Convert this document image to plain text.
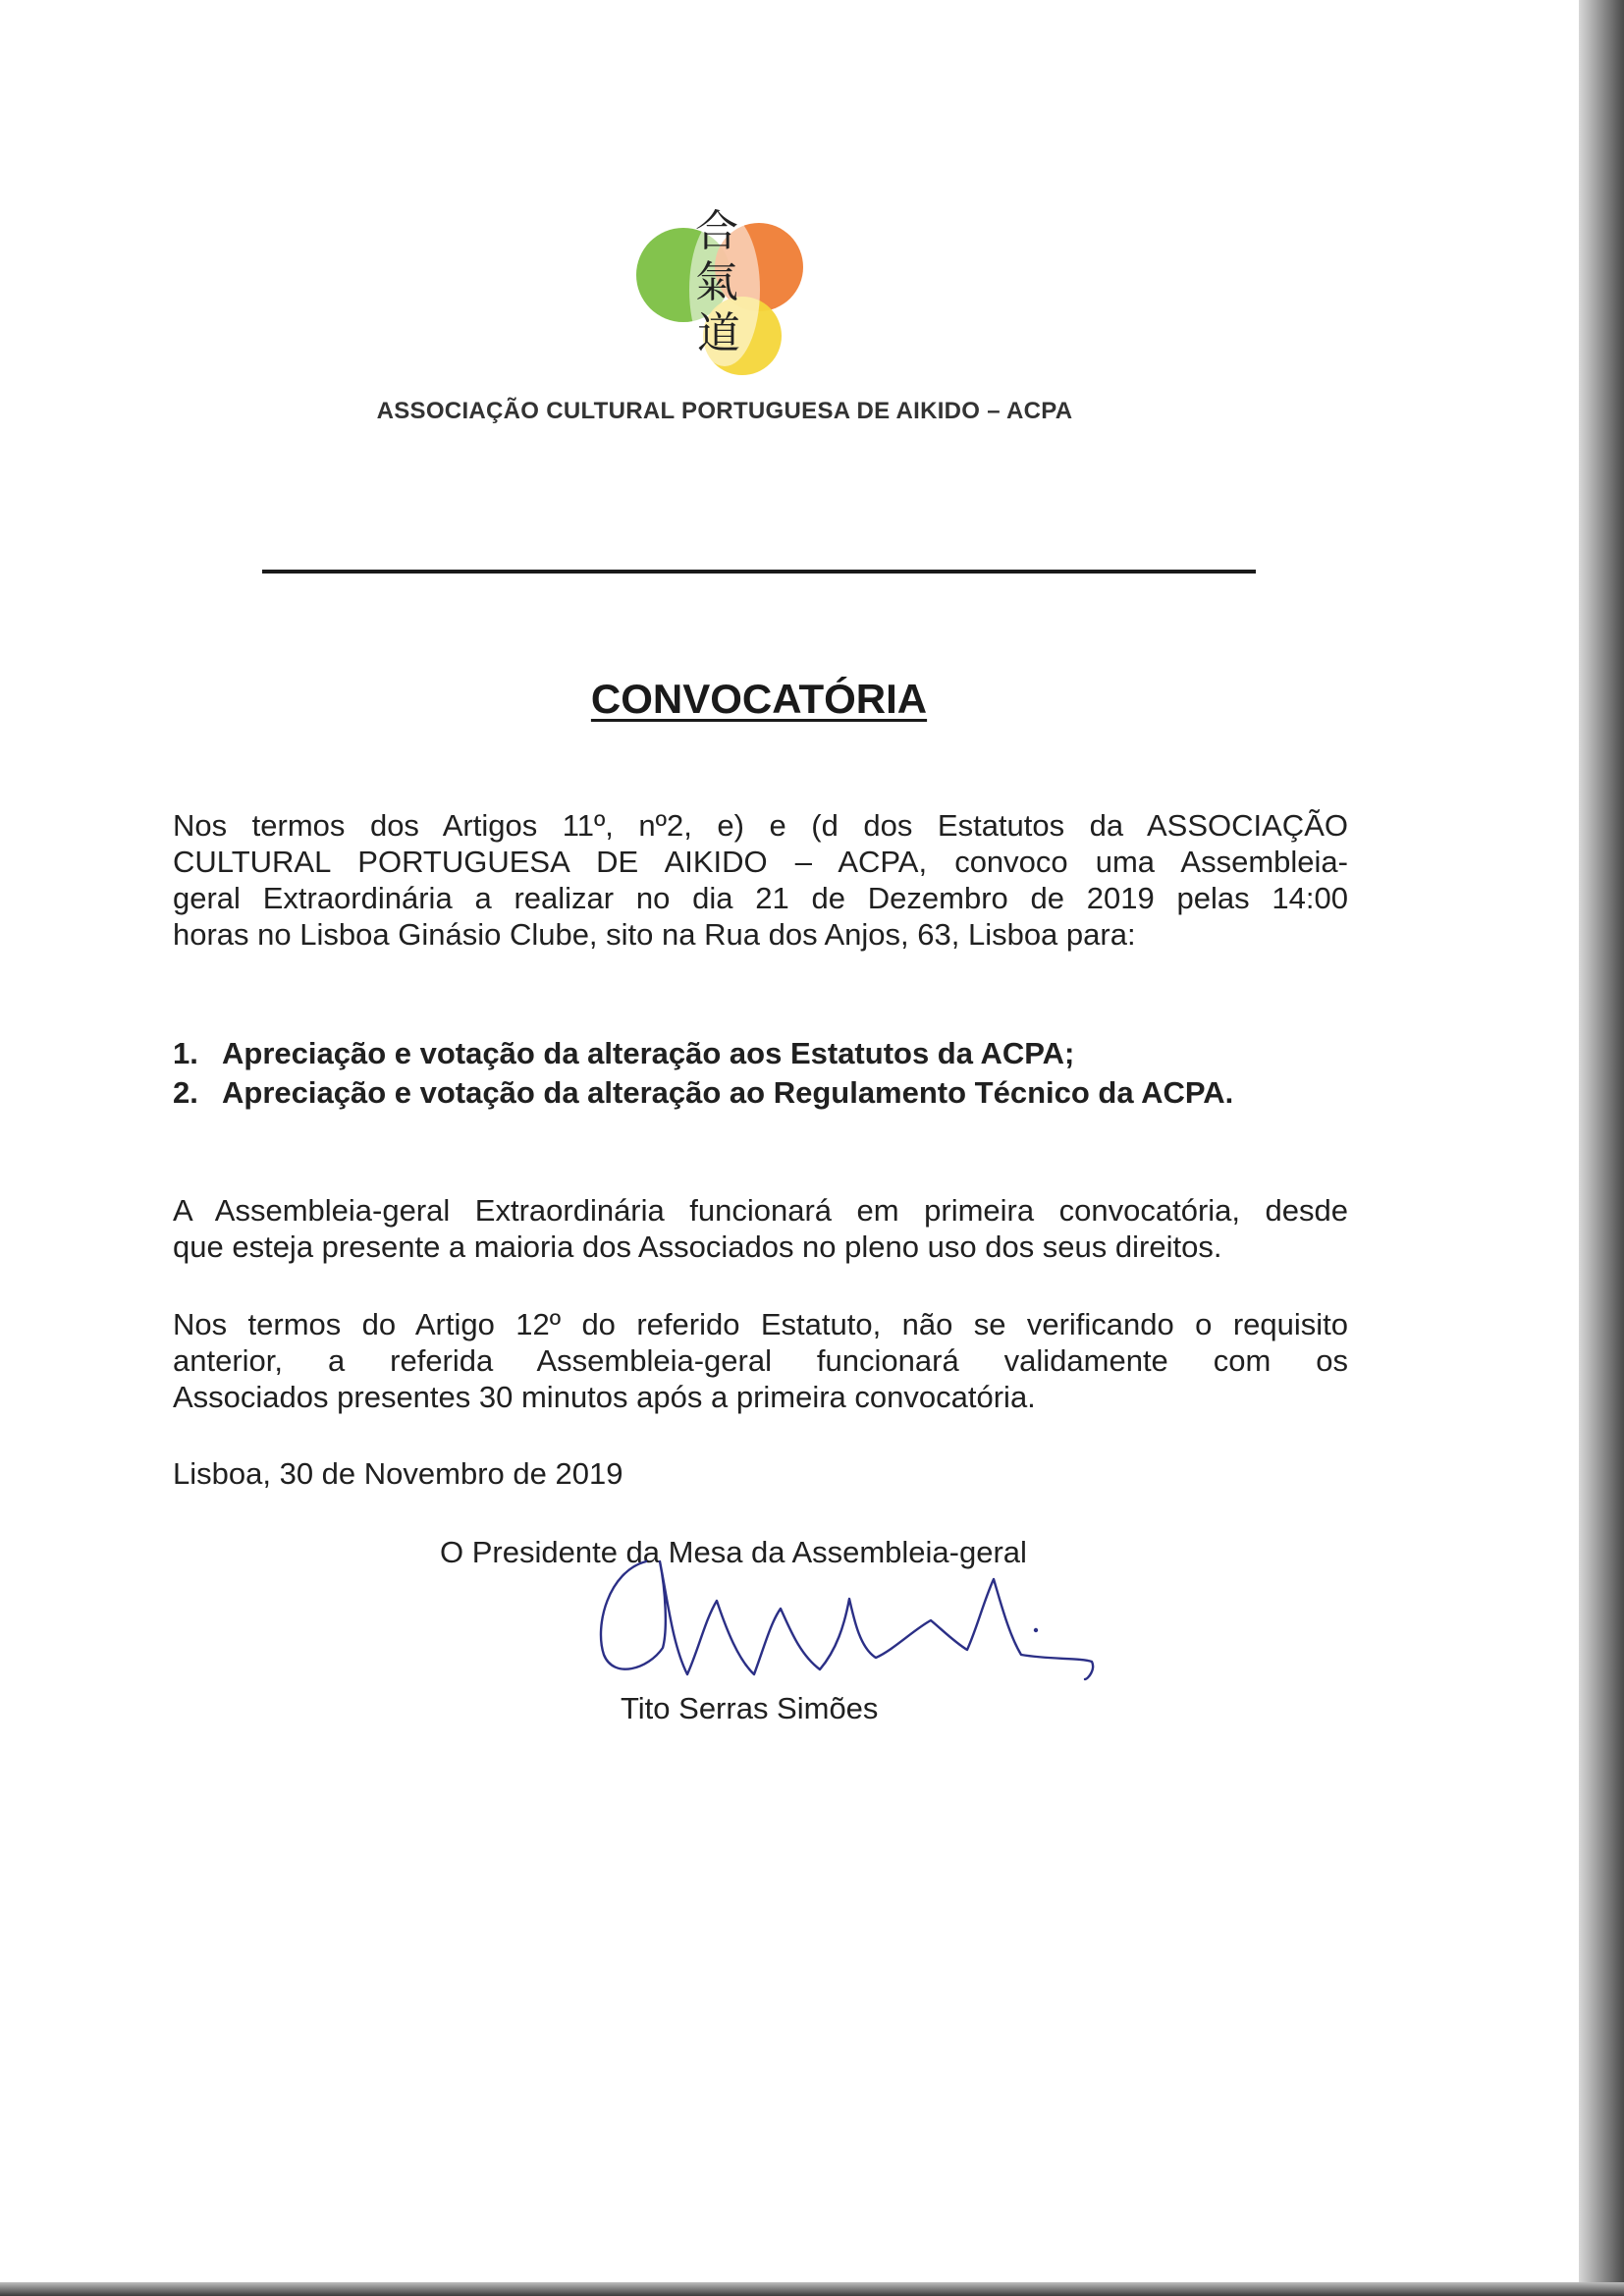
合
氣
道
ASSOCIAÇÃO CULTURAL PORTUGUESA DE AIKIDO – ACPA
CONVOCATÓRIA
Nos termos dos Artigos 11º, nº2, e) e (d dos Estatutos da ASSOCIAÇÃO
CULTURAL PORTUGUESA DE AIKIDO – ACPA, convoco uma Assembleia-
geral Extraordinária a realizar no dia 21 de Dezembro de 2019 pelas 14:00
horas no Lisboa Ginásio Clube, sito na Rua dos Anjos, 63, Lisboa para:
1. Apreciação e votação da alteração aos Estatutos da ACPA;
2. Apreciação e votação da alteração ao Regulamento Técnico da ACPA.
A Assembleia-geral Extraordinária funcionará em primeira convocatória, desde
que esteja presente a maioria dos Associados no pleno uso dos seus direitos.
Nos termos do Artigo 12º do referido Estatuto, não se verificando o requisito
anterior, a referida Assembleia-geral funcionará validamente com os
Associados presentes 30 minutos após a primeira convocatória.
Lisboa, 30 de Novembro de 2019
O Presidente da Mesa da Assembleia-geral
Tito Serras Simões
